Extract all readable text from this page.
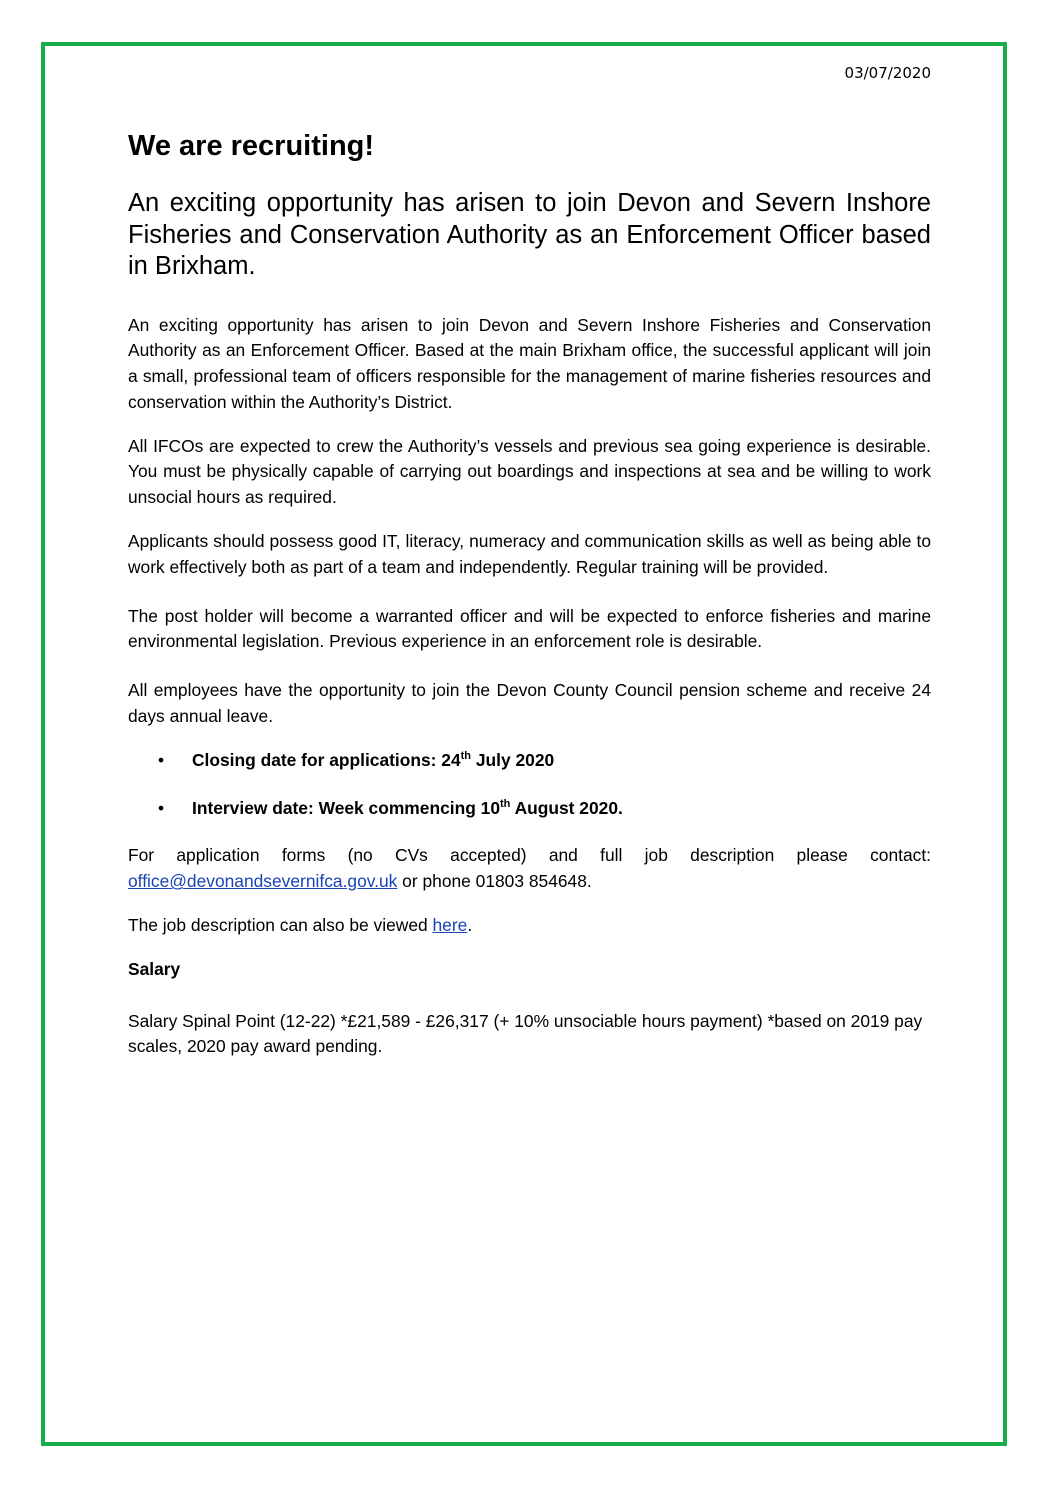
03/07/2020
We are recruiting!
An exciting opportunity has arisen to join Devon and Severn Inshore Fisheries and Conservation Authority as an Enforcement Officer based in Brixham.

An exciting opportunity has arisen to join Devon and Severn Inshore Fisheries and Conservation Authority as an Enforcement Officer. Based at the main Brixham office, the successful applicant will join a small, professional team of officers responsible for the management of marine fisheries resources and conservation within the Authority’s District.

All IFCOs are expected to crew the Authority’s vessels and previous sea going experience is desirable. You must be physically capable of carrying out boardings and inspections at sea and be willing to work unsocial hours as required.

Applicants should possess good IT, literacy, numeracy and communication skills as well as being able to work effectively both as part of a team and independently. Regular training will be provided.

The post holder will become a warranted officer and will be expected to enforce fisheries and marine environmental legislation. Previous experience in an enforcement role is desirable.

All employees have the opportunity to join the Devon County Council pension scheme and receive 24 days annual leave.

• Closing date for applications: 24th July 2020
• Interview date: Week commencing 10th August 2020.

For application forms (no CVs accepted) and full job description please contact: office@devonandsevernifca.gov.uk or phone 01803 854648.

The job description can also be viewed here.

Salary

Salary Spinal Point (12-22) *£21,589 - £26,317 (+ 10% unsociable hours payment) *based on 2019 pay scales, 2020 pay award pending.
